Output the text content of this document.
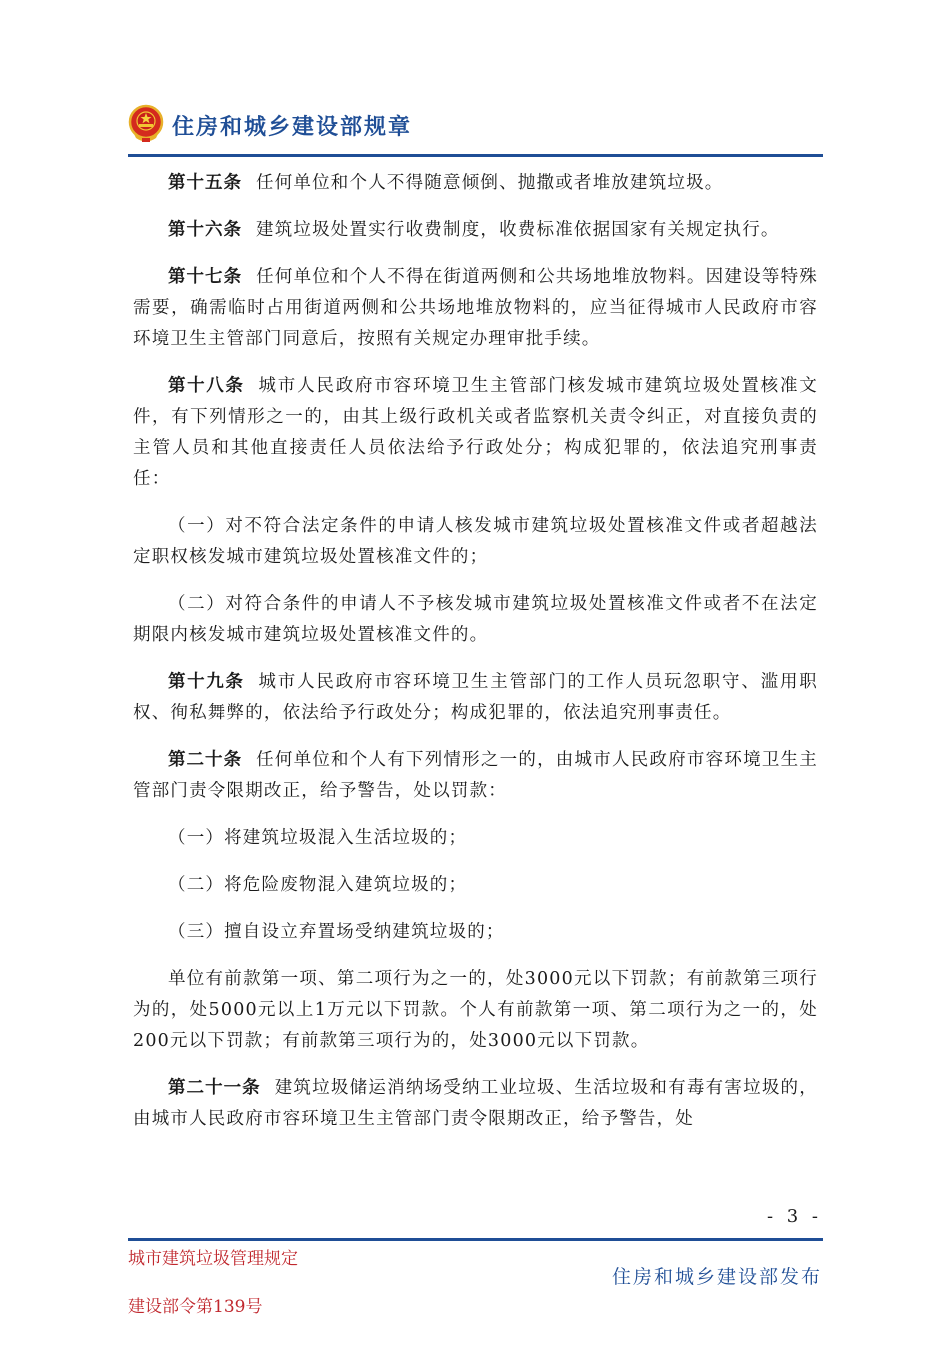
住房和城乡建设部规章

第十五条 任何单位和个人不得随意倾倒、抛撒或者堆放建筑垃圾。

第十六条 建筑垃圾处置实行收费制度，收费标准依据国家有关规定执行。

第十七条 任何单位和个人不得在街道两侧和公共场地堆放物料。因建设等特殊需要，确需临时占用街道两侧和公共场地堆放物料的，应当征得城市人民政府市容环境卫生主管部门同意后，按照有关规定办理审批手续。

第十八条 城市人民政府市容环境卫生主管部门核发城市建筑垃圾处置核准文件，有下列情形之一的，由其上级行政机关或者监察机关责令纠正，对直接负责的主管人员和其他直接责任人员依法给予行政处分；构成犯罪的，依法追究刑事责任：

（一）对不符合法定条件的申请人核发城市建筑垃圾处置核准文件或者超越法定职权核发城市建筑垃圾处置核准文件的；

（二）对符合条件的申请人不予核发城市建筑垃圾处置核准文件或者不在法定期限内核发城市建筑垃圾处置核准文件的。

第十九条 城市人民政府市容环境卫生主管部门的工作人员玩忽职守、滥用职权、徇私舞弊的，依法给予行政处分；构成犯罪的，依法追究刑事责任。

第二十条 任何单位和个人有下列情形之一的，由城市人民政府市容环境卫生主管部门责令限期改正，给予警告，处以罚款：

（一）将建筑垃圾混入生活垃圾的；

（二）将危险废物混入建筑垃圾的；

（三）擅自设立弃置场受纳建筑垃圾的；

单位有前款第一项、第二项行为之一的，处3000元以下罚款；有前款第三项行为的，处5000元以上1万元以下罚款。个人有前款第一项、第二项行为之一的，处200元以下罚款；有前款第三项行为的，处3000元以下罚款。

第二十一条 建筑垃圾储运消纳场受纳工业垃圾、生活垃圾和有毒有害垃圾的，由城市人民政府市容环境卫生主管部门责令限期改正，给予警告，处

- 3 -
城市建筑垃圾管理规定
建设部令第139号
住房和城乡建设部发布
